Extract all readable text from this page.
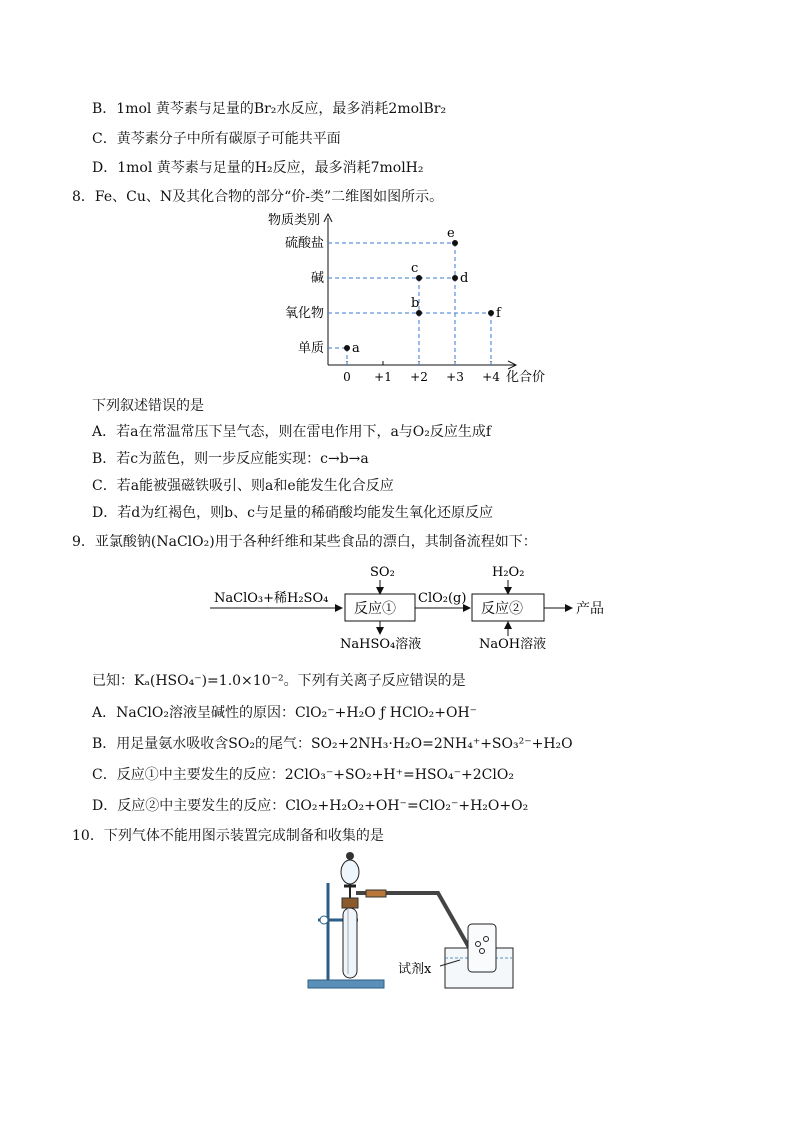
B．1mol 黄芩素与足量的Br₂水反应，最多消耗2molBr₂
C．黄芩素分子中所有碳原子可能共平面
D．1mol 黄芩素与足量的H₂反应，最多消耗7molH₂
8．Fe、Cu、N及其化合物的部分“价-类”二维图如图所示。
物质类别
化合价
0 +1 +2 +3 +4
单质
氧化物
碱
硫酸盐
a
b
c
d
e
f
下列叙述错误的是
A．若a在常温常压下呈气态，则在雷电作用下，a与O₂反应生成f
B．若c为蓝色，则一步反应能实现：c→b→a
C．若a能被强磁铁吸引、则a和e能发生化合反应
D．若d为红褐色，则b、c与足量的稀硝酸均能发生氧化还原反应
9．亚氯酸钠(NaClO₂)用于各种纤维和某些食品的漂白，其制备流程如下：
NaClO₃+稀H₂SO₄
SO₂
反应①
NaHSO₄溶液
ClO₂(g)
H₂O₂
反应②
NaOH溶液
产品
已知：Kₐ(HSO₄⁻)=1.0×10⁻²。下列有关离子反应错误的是
A．NaClO₂溶液呈碱性的原因：ClO₂⁻+H₂O ƒ HClO₂+OH⁻
B．用足量氨水吸收含SO₂的尾气：SO₂+2NH₃·H₂O=2NH₄⁺+SO₃²⁻+H₂O
C．反应①中主要发生的反应：2ClO₃⁻+SO₂+H⁺=HSO₄⁻+2ClO₂
D．反应②中主要发生的反应：ClO₂+H₂O₂+OH⁻=ClO₂⁻+H₂O+O₂
10．下列气体不能用图示装置完成制备和收集的是
试剂x
